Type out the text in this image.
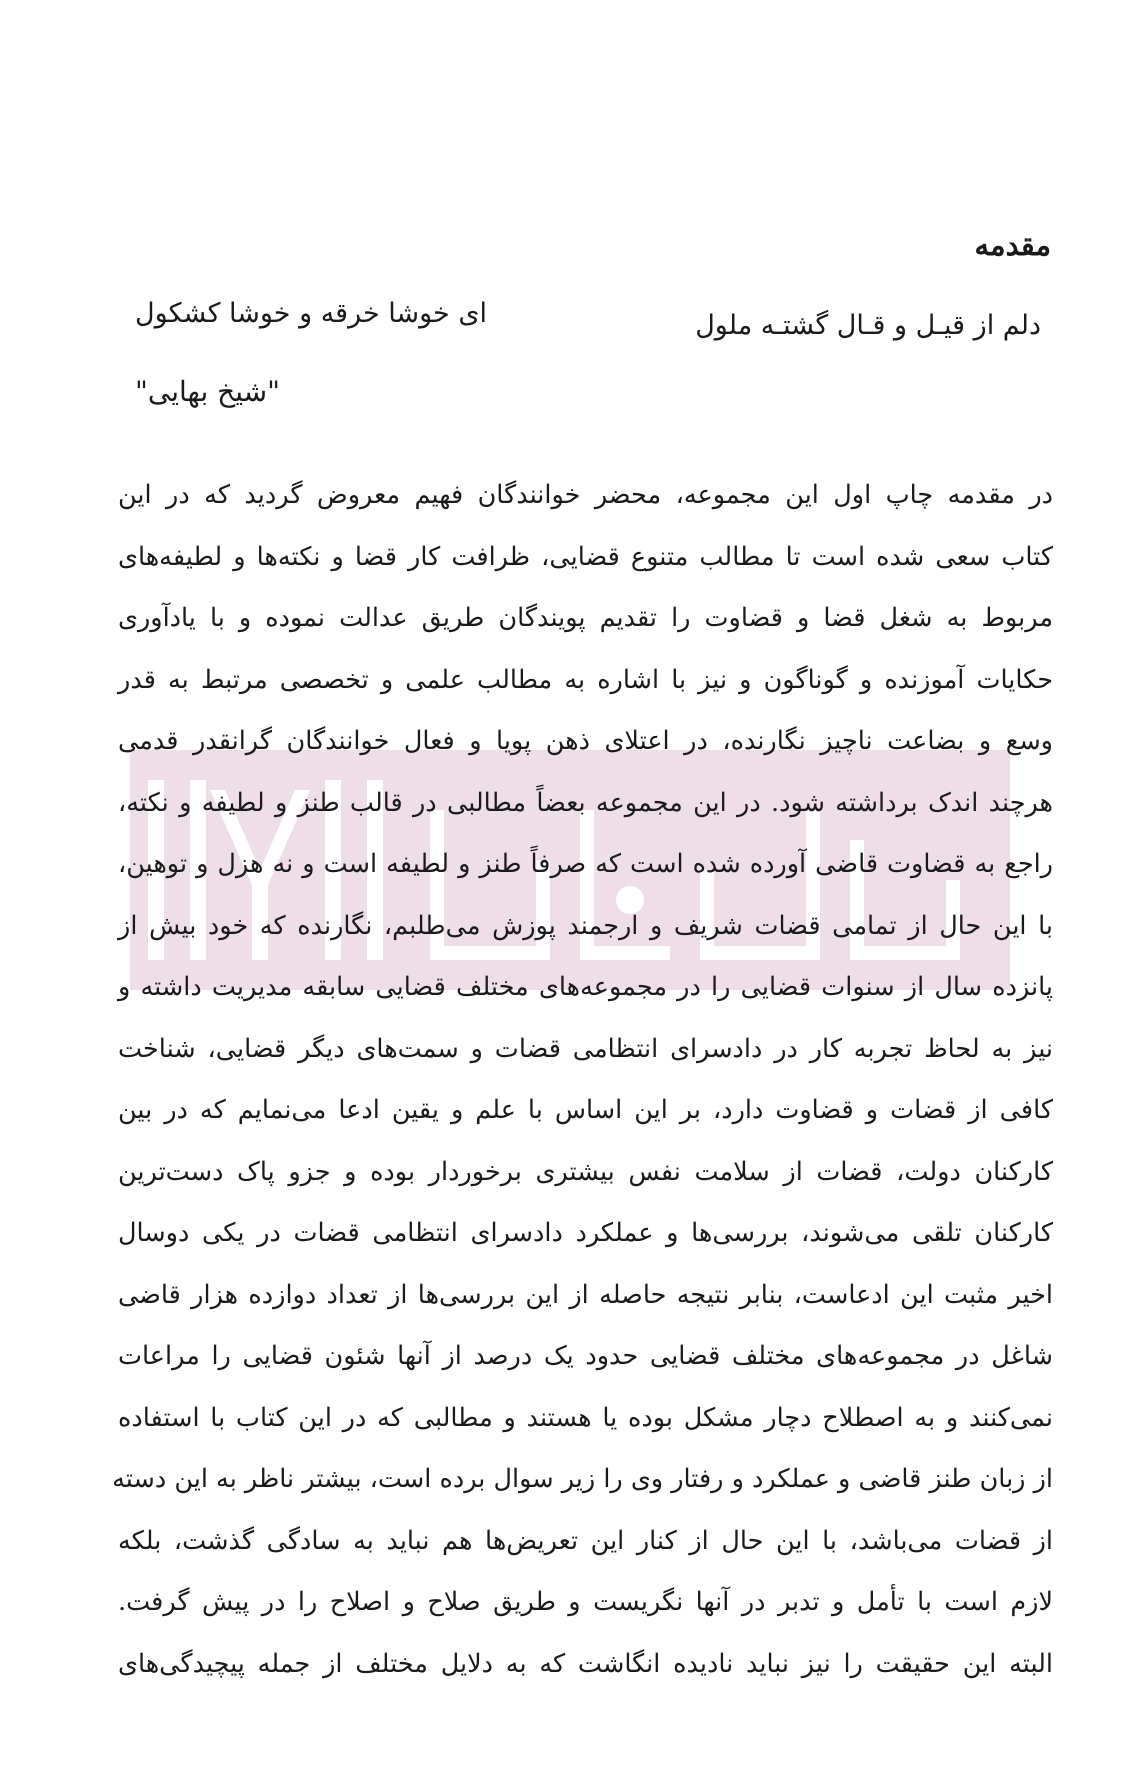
مقدمه
دلم از قیـل و قـال گشتـه ملول
ای خوشا خرقه و خوشا کشکول
"شیخ بهایی"
در مقدمه چاپ اول این مجموعه، محضر خوانندگان فهیم معروض گردید که در این
کتاب سعی شده است تا مطالب متنوع قضایی، ظرافت کار قضا و نکته‌ها و لطیفه‌های
مربوط به شغل قضا و قضاوت را تقدیم پویندگان طریق عدالت نموده و با یادآوری
حکایات آموزنده و گوناگون و نیز با اشاره به مطالب علمی و تخصصی مرتبط به قدر
وسع و بضاعت ناچیز نگارنده، در اعتلای ذهن پویا و فعال خوانندگان گرانقدر قدمی
هرچند اندک برداشته شود. در این مجموعه بعضاً مطالبی در قالب طنز و لطیفه و نکته،
راجع به قضاوت قاضی آورده شده است که صرفاً طنز و لطیفه است و نه هزل و توهین،
با این حال از تمامی قضات شریف و ارجمند پوزش می‌طلبم، نگارنده که خود بیش از
پانزده سال از سنوات قضایی را در مجموعه‌های مختلف قضایی سابقه مدیریت داشته و
نیز به لحاظ تجربه کار در دادسرای انتظامی قضات و سمت‌های دیگر قضایی، شناخت
کافی از قضات و قضاوت دارد، بر این اساس با علم و یقین ادعا می‌نمایم که در بین
کارکنان دولت، قضات از سلامت نفس بیشتری برخوردار بوده و جزو پاک دست‌ترین
کارکنان تلقی می‌شوند، بررسی‌ها و عملکرد دادسرای انتظامی قضات در یکی دوسال
اخیر مثبت این ادعاست، بنابر نتیجه حاصله از این بررسی‌ها از تعداد دوازده هزار قاضی
شاغل در مجموعه‌های مختلف قضایی حدود یک درصد از آنها شئون قضایی را مراعات
نمی‌کنند و به اصطلاح دچار مشکل بوده یا هستند و مطالبی که در این کتاب با استفاده
از زبان طنز قاضی و عملکرد و رفتار وی را زیر سوال برده است، بیشتر ناظر به این دسته
از قضات می‌باشد، با این حال از کنار این تعریض‌ها هم نباید به سادگی گذشت، بلکه
لازم است با تأمل و تدبر در آنها نگریست و طریق صلاح و اصلاح را در پیش گرفت.
البته این حقیقت را نیز نباید نادیده انگاشت که به دلایل مختلف از جمله پیچیدگی‌های
